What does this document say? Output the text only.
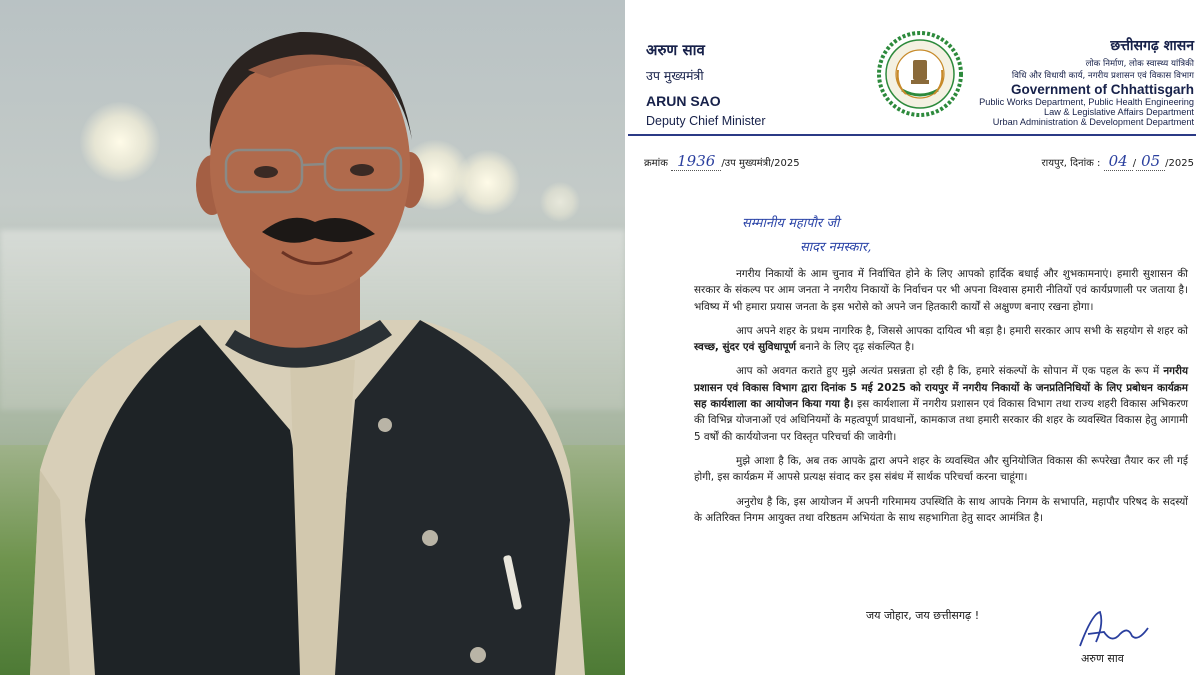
अरुण साव
उप मुख्यमंत्री
ARUN SAO
Deputy Chief Minister
छत्तीसगढ़ शासन
लोक निर्माण, लोक स्वास्थ्य यांत्रिकी
विधि और विधायी कार्य, नगरीय प्रशासन एवं विकास विभाग
Government of Chhattisgarh
Public Works Department, Public Health Engineering
Law & Legislative Affairs Department
Urban Administration & Development Department
क्रमांक 1936 /उप मुख्यमंत्री/2025	रायपुर, दिनांक : 04 / 05 /2025
सम्मानीय महापौर जी
सादर नमस्कार,

नगरीय निकायों के आम चुनाव में निर्वाचित होने के लिए आपको हार्दिक बधाई और शुभकामनाएं। हमारी सुशासन की सरकार के संकल्प पर आम जनता ने नगरीय निकायों के निर्वाचन पर भी अपना विश्वास हमारी नीतियों एवं कार्यप्रणाली पर जताया है। भविष्य में भी हमारा प्रयास जनता के इस भरोसे को अपने जन हितकारी कार्यों से अक्षुण्ण बनाए रखना होगा।

आप अपने शहर के प्रथम नागरिक है, जिससे आपका दायित्व भी बड़ा है। हमारी सरकार आप सभी के सहयोग से शहर को स्वच्छ, सुंदर एवं सुविधापूर्ण बनाने के लिए दृढ़ संकल्पित है।

आप को अवगत कराते हुए मुझे अत्यंत प्रसन्नता हो रही है कि, हमारे संकल्पों के सोपान में एक पहल के रूप में नगरीय प्रशासन एवं विकास विभाग द्वारा दिनांक 5 मई 2025 को रायपुर में नगरीय निकायों के जनप्रतिनिधियों के लिए प्रबोधन कार्यक्रम सह कार्यशाला का आयोजन किया गया है। इस कार्यशाला में नगरीय प्रशासन एवं विकास विभाग तथा राज्य शहरी विकास अभिकरण की विभिन्न योजनाओं एवं अधिनियमों के महत्वपूर्ण प्रावधानों, कामकाज तथा हमारी सरकार की शहर के व्यवस्थित विकास हेतु आगामी 5 वर्षों की कार्ययोजना पर विस्तृत परिचर्चा की जावेगी।

मुझे आशा है कि, अब तक आपके द्वारा अपने शहर के व्यवस्थित और सुनियोजित विकास की रूपरेखा तैयार कर ली गई होगी, इस कार्यक्रम में आपसे प्रत्यक्ष संवाद कर इस संबंध में सार्थक परिचर्चा करना चाहूंगा।

अनुरोध है कि, इस आयोजन में अपनी गरिमामय उपस्थिति के साथ आपके निगम के सभापति, महापौर परिषद के सदस्यों के अतिरिक्त निगम आयुक्त तथा वरिष्ठतम अभियंता के साथ सहभागिता हेतु सादर आमंत्रित है।

जय जोहार, जय छत्तीसगढ़ !
अरुण साव
